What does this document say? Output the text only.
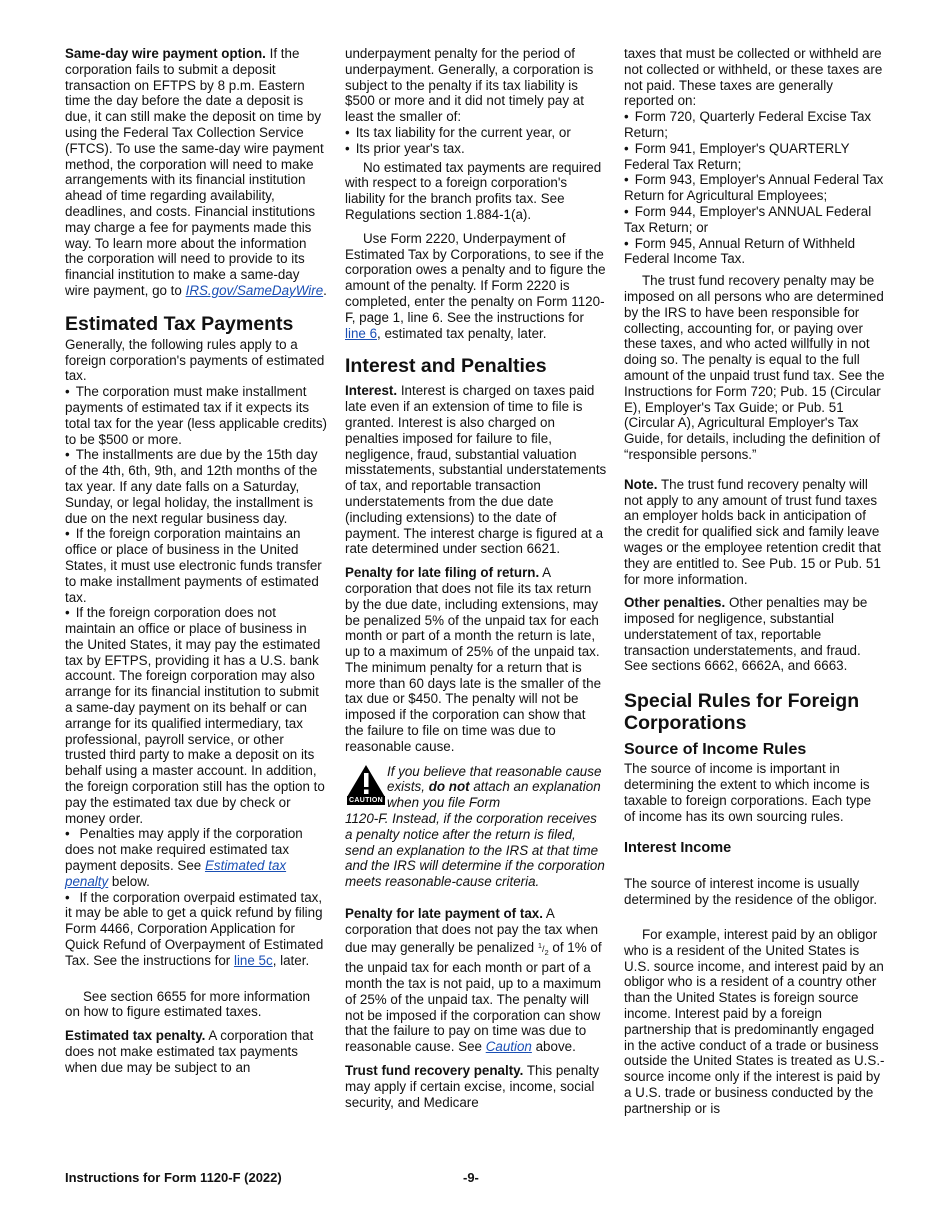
Same-day wire payment option. If the corporation fails to submit a deposit transaction on EFTPS by 8 p.m. Eastern time the day before the date a deposit is due, it can still make the deposit on time by using the Federal Tax Collection Service (FTCS). To use the same-day wire payment method, the corporation will need to make arrangements with its financial institution ahead of time regarding availability, deadlines, and costs. Financial institutions may charge a fee for payments made this way. To learn more about the information the corporation will need to provide to its financial institution to make a same-day wire payment, go to IRS.gov/SameDayWire.

Estimated Tax Payments

Generally, the following rules apply to a foreign corporation's payments of estimated tax.

• The corporation must make installment payments of estimated tax if it expects its total tax for the year (less applicable credits) to be $500 or more.

• The installments are due by the 15th day of the 4th, 6th, 9th, and 12th months of the tax year. If any date falls on a Saturday, Sunday, or legal holiday, the installment is due on the next regular business day.

• If the foreign corporation maintains an office or place of business in the United States, it must use electronic funds transfer to make installment payments of estimated tax.

• If the foreign corporation does not maintain an office or place of business in the United States, it may pay the estimated tax by EFTPS, providing it has a U.S. bank account. The foreign corporation may also arrange for its financial institution to submit a same-day payment on its behalf or can arrange for its qualified intermediary, tax professional, payroll service, or other trusted third party to make a deposit on its behalf using a master account. In addition, the foreign corporation still has the option to pay the estimated tax due by check or money order.

• Penalties may apply if the corporation does not make required estimated tax payment deposits. See Estimated tax penalty below.

• If the corporation overpaid estimated tax, it may be able to get a quick refund by filing Form 4466, Corporation Application for Quick Refund of Overpayment of Estimated Tax. See the instructions for line 5c, later.

See section 6655 for more information on how to figure estimated taxes.

Estimated tax penalty. A corporation that does not make estimated tax payments when due may be subject to an

underpayment penalty for the period of underpayment. Generally, a corporation is subject to the penalty if its tax liability is $500 or more and it did not timely pay at least the smaller of:

• Its tax liability for the current year, or

• Its prior year's tax.

No estimated tax payments are required with respect to a foreign corporation's liability for the branch profits tax. See Regulations section 1.884-1(a).

Use Form 2220, Underpayment of Estimated Tax by Corporations, to see if the corporation owes a penalty and to figure the amount of the penalty. If Form 2220 is completed, enter the penalty on Form 1120-F, page 1, line 6. See the instructions for line 6, estimated tax penalty, later.

Interest and Penalties

Interest. Interest is charged on taxes paid late even if an extension of time to file is granted. Interest is also charged on penalties imposed for failure to file, negligence, fraud, substantial valuation misstatements, substantial understatements of tax, and reportable transaction understatements from the due date (including extensions) to the date of payment. The interest charge is figured at a rate determined under section 6621.

Penalty for late filing of return. A corporation that does not file its tax return by the due date, including extensions, may be penalized 5% of the unpaid tax for each month or part of a month the return is late, up to a maximum of 25% of the unpaid tax. The minimum penalty for a return that is more than 60 days late is the smaller of the tax due or $450. The penalty will not be imposed if the corporation can show that the failure to file on time was due to reasonable cause.

CAUTION

If you believe that reasonable cause exists, do not attach an explanation when you file Form

1120-F. Instead, if the corporation receives a penalty notice after the return is filed, send an explanation to the IRS at that time and the IRS will determine if the corporation meets reasonable-cause criteria.

Penalty for late payment of tax. A corporation that does not pay the tax when due may generally be penalized $^1/_2$ of 1% of the unpaid tax for each month or part of a month the tax is not paid, up to a maximum of 25% of the unpaid tax. The penalty will not be imposed if the corporation can show that the failure to pay on time was due to reasonable cause. See Caution above.

Trust fund recovery penalty. This penalty may apply if certain excise, income, social security, and Medicare

taxes that must be collected or withheld are not collected or withheld, or these taxes are not paid. These taxes are generally reported on:

• Form 720, Quarterly Federal Excise Tax Return;

• Form 941, Employer's QUARTERLY Federal Tax Return;

• Form 943, Employer's Annual Federal Tax Return for Agricultural Employees;

• Form 944, Employer's ANNUAL Federal Tax Return; or

• Form 945, Annual Return of Withheld Federal Income Tax.

The trust fund recovery penalty may be imposed on all persons who are determined by the IRS to have been responsible for collecting, accounting for, or paying over these taxes, and who acted willfully in not doing so. The penalty is equal to the full amount of the unpaid trust fund tax. See the Instructions for Form 720; Pub. 15 (Circular E), Employer's Tax Guide; or Pub. 51 (Circular A), Agricultural Employer's Tax Guide, for details, including the definition of “responsible persons.”

Note. The trust fund recovery penalty will not apply to any amount of trust fund taxes an employer holds back in anticipation of the credit for qualified sick and family leave wages or the employee retention credit that they are entitled to. See Pub. 15 or Pub. 51 for more information.

Other penalties. Other penalties may be imposed for negligence, substantial understatement of tax, reportable transaction understatements, and fraud. See sections 6662, 6662A, and 6663.

Special Rules for Foreign Corporations
Source of Income Rules

The source of income is important in determining the extent to which income is taxable to foreign corporations. Each type of income has its own sourcing rules.

Interest Income

The source of interest income is usually determined by the residence of the obligor.

For example, interest paid by an obligor who is a resident of the United States is U.S. source income, and interest paid by an obligor who is a resident of a country other than the United States is foreign source income. Interest paid by a foreign partnership that is predominantly engaged in the active conduct of a trade or business outside the United States is treated as U.S.-source income only if the interest is paid by a U.S. trade or business conducted by the partnership or is

Instructions for Form 1120-F (2022)	-9-
